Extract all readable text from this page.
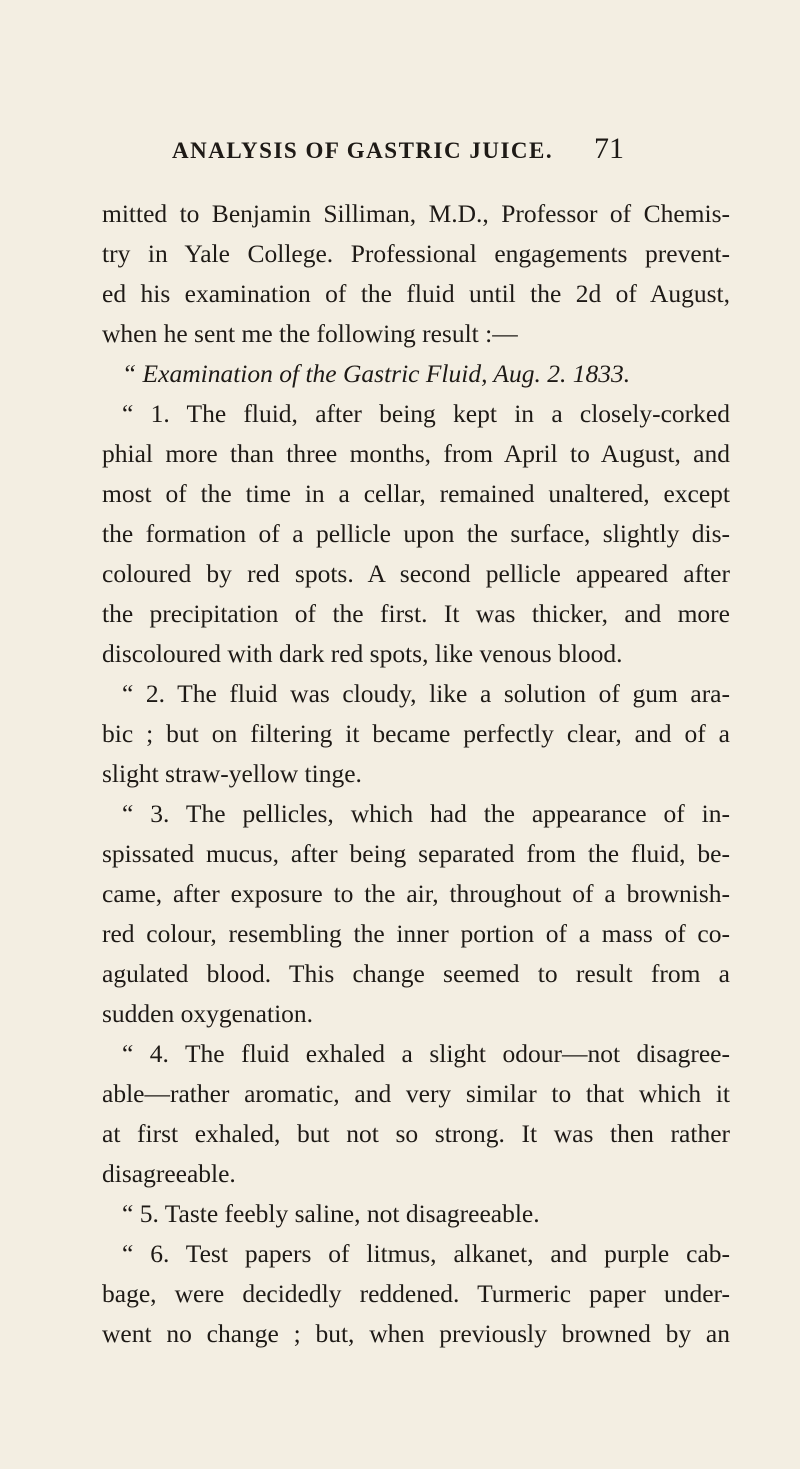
ANALYSIS OF GASTRIC JUICE. 71
mitted to Benjamin Silliman, M.D., Professor of Chemis-
try in Yale College. Professional engagements prevent-
ed his examination of the fluid until the 2d of August,
when he sent me the following result :—
“ Examination of the Gastric Fluid, Aug. 2. 1833.
“ 1. The fluid, after being kept in a closely-corked
phial more than three months, from April to August, and
most of the time in a cellar, remained unaltered, except
the formation of a pellicle upon the surface, slightly dis-
coloured by red spots. A second pellicle appeared after
the precipitation of the first. It was thicker, and more
discoloured with dark red spots, like venous blood.
“ 2. The fluid was cloudy, like a solution of gum ara-
bic ; but on filtering it became perfectly clear, and of a
slight straw-yellow tinge.
“ 3. The pellicles, which had the appearance of in-
spissated mucus, after being separated from the fluid, be-
came, after exposure to the air, throughout of a brownish-
red colour, resembling the inner portion of a mass of co-
agulated blood. This change seemed to result from a
sudden oxygenation.
“ 4. The fluid exhaled a slight odour—not disagree-
able—rather aromatic, and very similar to that which it
at first exhaled, but not so strong. It was then rather
disagreeable.
“ 5. Taste feebly saline, not disagreeable.
“ 6. Test papers of litmus, alkanet, and purple cab-
bage, were decidedly reddened. Turmeric paper under-
went no change ; but, when previously browned by an
